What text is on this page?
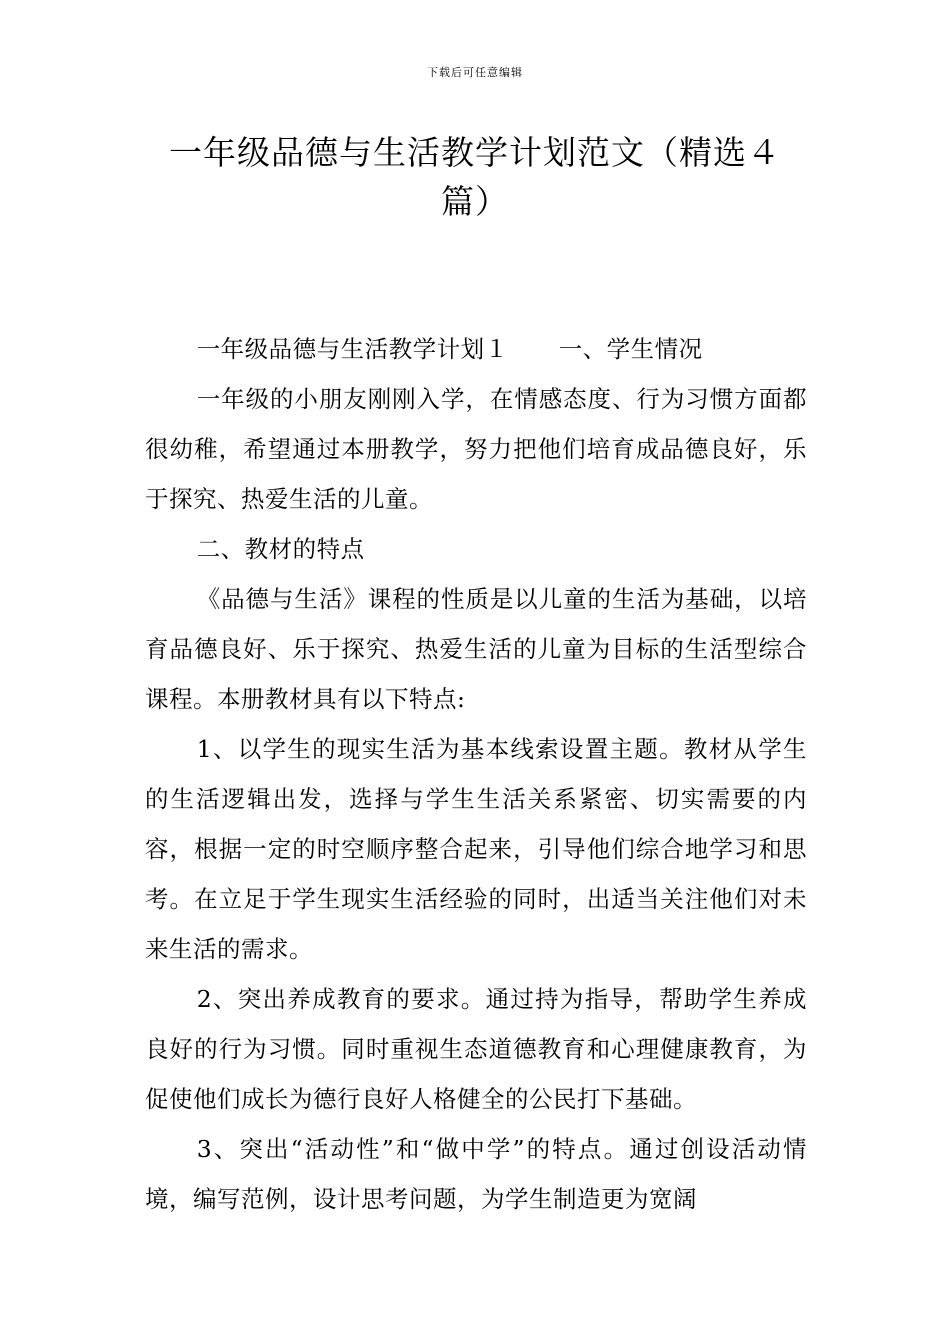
下载后可任意编辑
一年级品德与生活教学计划范文（精选４篇）

一年级品德与生活教学计划１ 一、学生情况

一年级的小朋友刚刚入学，在情感态度、行为习惯方面都很幼稚，希望通过本册教学，努力把他们培育成品德良好，乐于探究、热爱生活的儿童。

二、教材的特点

《品德与生活》课程的性质是以儿童的生活为基础，以培育品德良好、乐于探究、热爱生活的儿童为目标的生活型综合课程。本册教材具有以下特点:

1、以学生的现实生活为基本线索设置主题。教材从学生的生活逻辑出发，选择与学生生活关系紧密、切实需要的内容，根据一定的时空顺序整合起来，引导他们综合地学习和思考。在立足于学生现实生活经验的同时，出适当关注他们对未来生活的需求。

2、突出养成教育的要求。通过持为指导，帮助学生养成良好的行为习惯。同时重视生态道德教育和心理健康教育，为促使他们成长为德行良好人格健全的公民打下基础。

3、突出“活动性”和“做中学”的特点。通过创设活动情境，编写范例，设计思考问题，为学生制造更为宽阔
